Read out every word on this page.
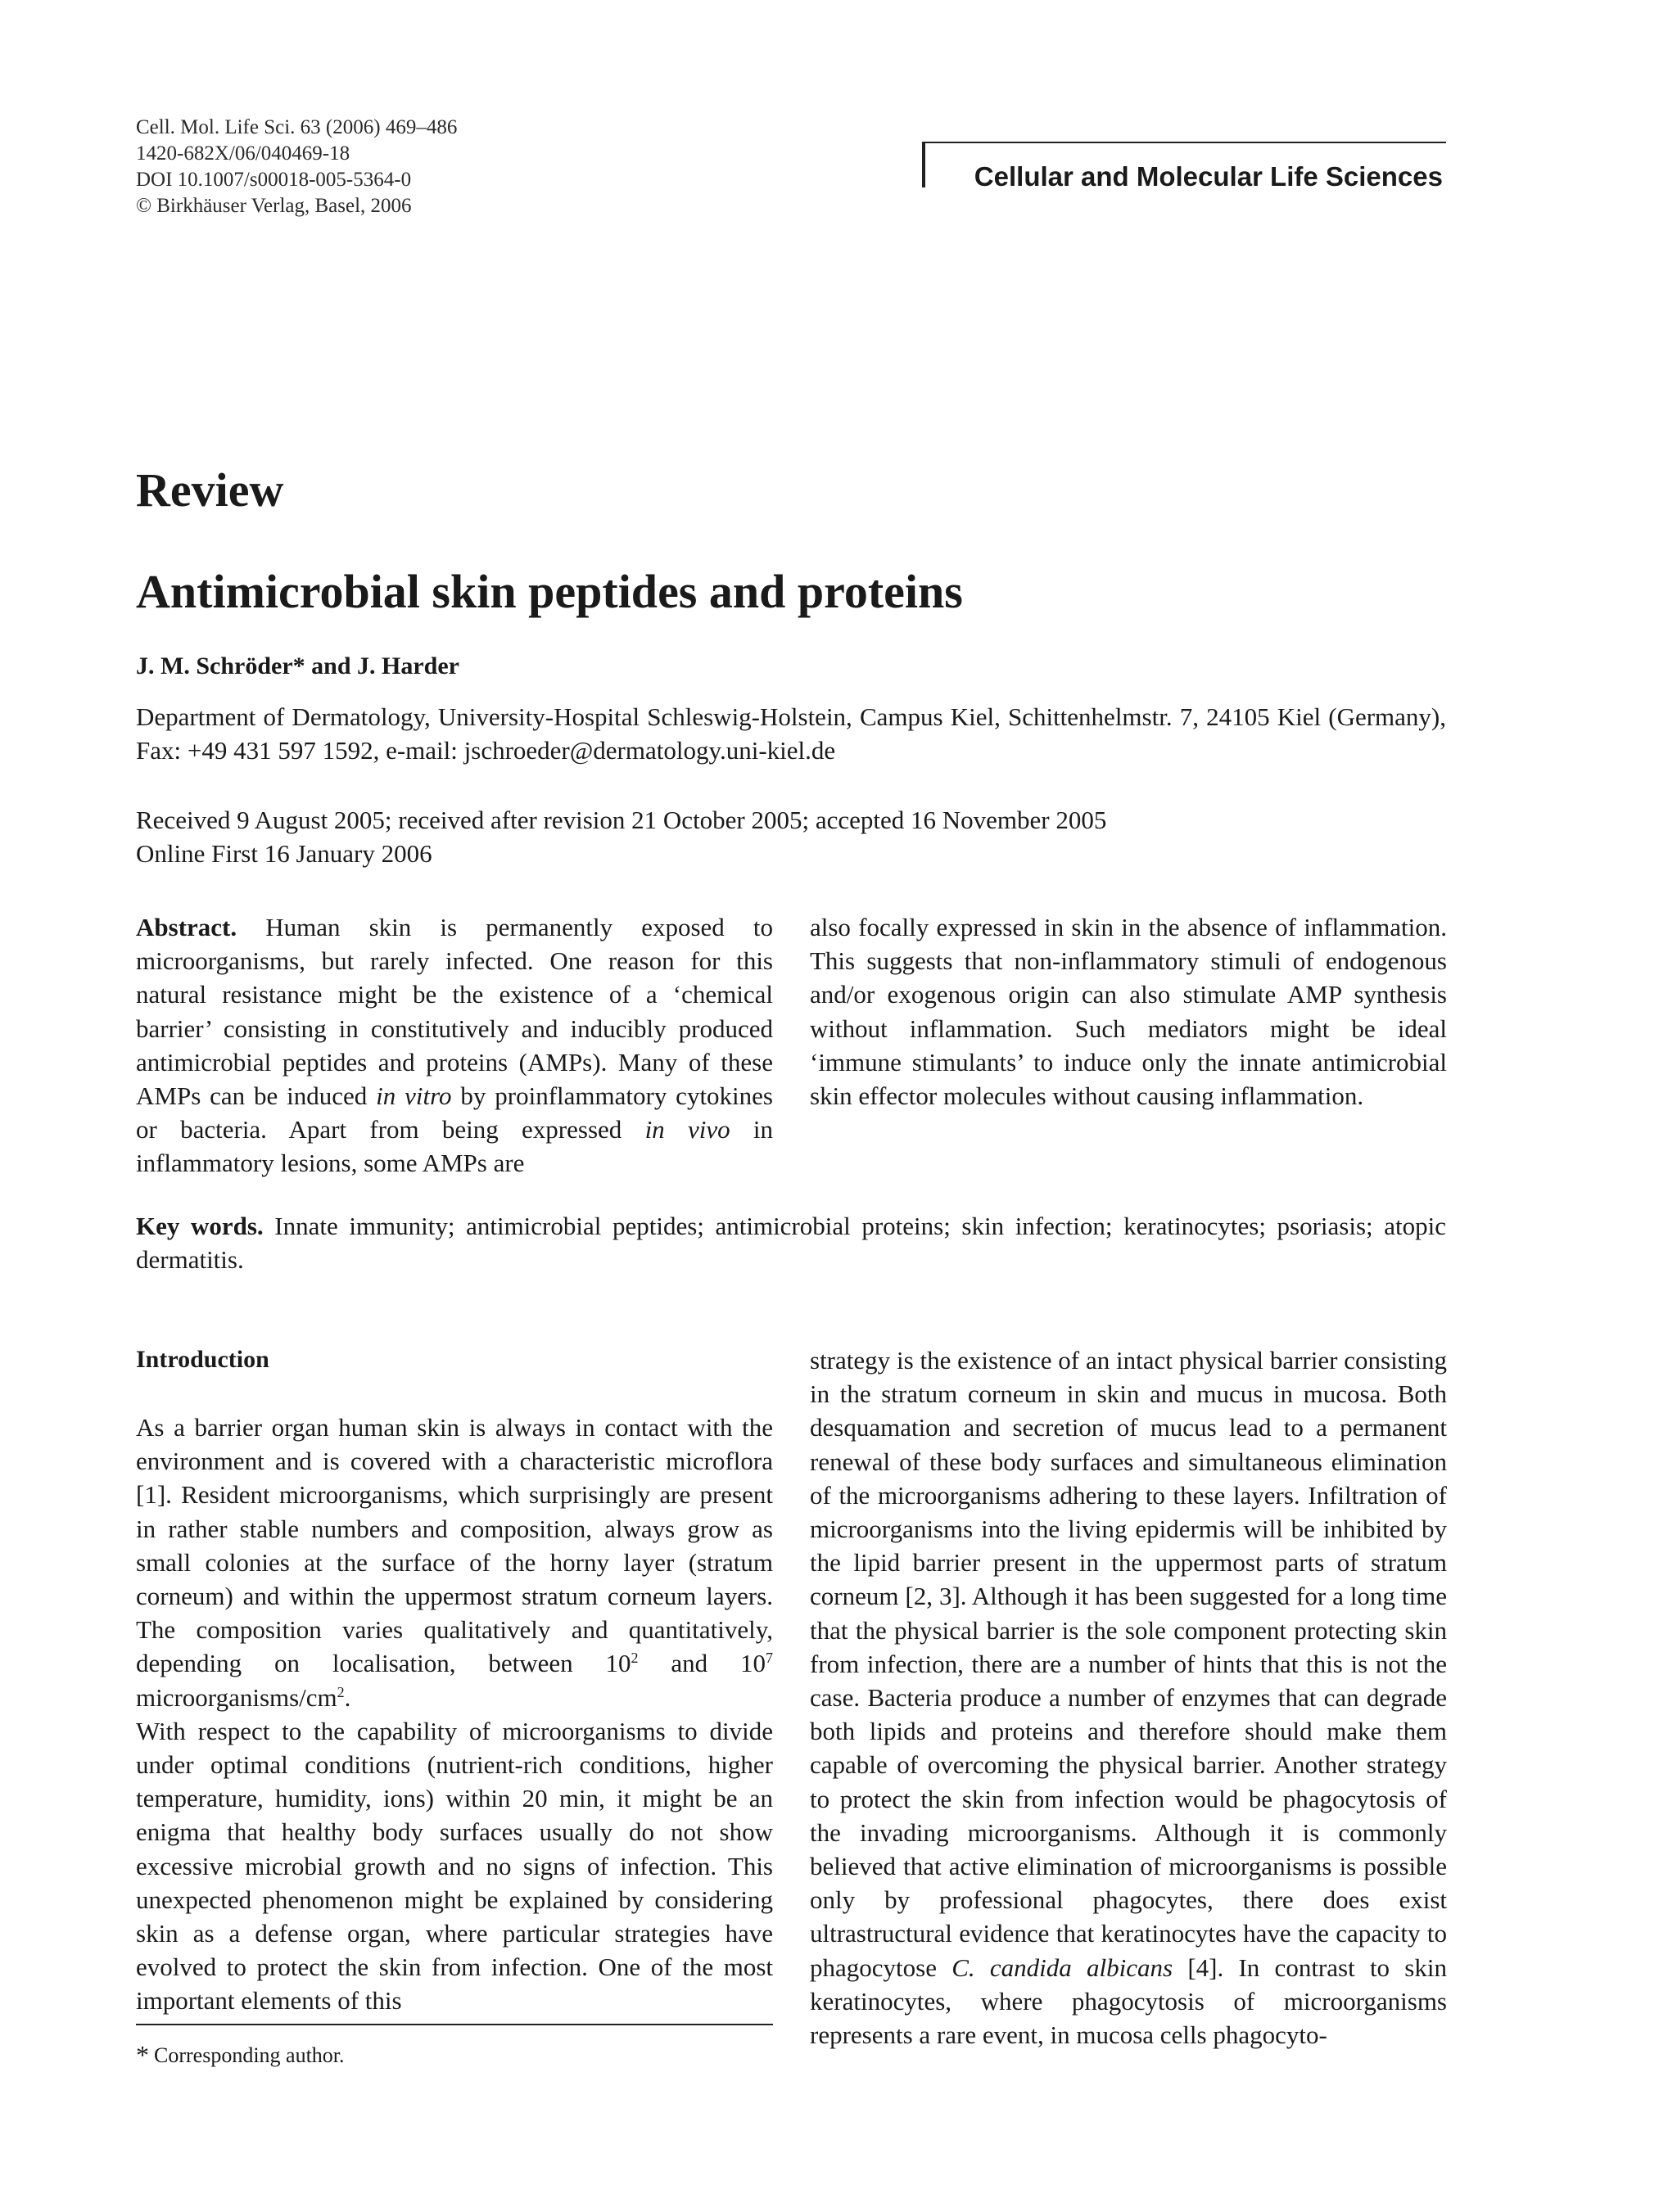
Cell. Mol. Life Sci. 63 (2006) 469–486
1420-682X/06/040469-18
DOI 10.1007/s00018-005-5364-0
© Birkhäuser Verlag, Basel, 2006
Cellular and Molecular Life Sciences
Review
Antimicrobial skin peptides and proteins
J. M. Schröder* and J. Harder
Department of Dermatology, University-Hospital Schleswig-Holstein, Campus Kiel, Schittenhelmstr. 7, 24105 Kiel (Germany), Fax: +49 431 597 1592, e-mail: jschroeder@dermatology.uni-kiel.de
Received 9 August 2005; received after revision 21 October 2005; accepted 16 November 2005
Online First 16 January 2006

Abstract. Human skin is permanently exposed to microorganisms, but rarely infected. One reason for this natural resistance might be the existence of a ‘chemical barrier’ consisting in constitutively and inducibly produced antimicrobial peptides and proteins (AMPs). Many of these AMPs can be induced in vitro by proinflammatory cytokines or bacteria. Apart from being expressed in vivo in inflammatory lesions, some AMPs are

also focally expressed in skin in the absence of inflammation. This suggests that non-inflammatory stimuli of endogenous and/or exogenous origin can also stimulate AMP synthesis without inflammation. Such mediators might be ideal ‘immune stimulants’ to induce only the innate antimicrobial skin effector molecules without causing inflammation.

Key words. Innate immunity; antimicrobial peptides; antimicrobial proteins; skin infection; keratinocytes; psoriasis; atopic dermatitis.
Introduction

As a barrier organ human skin is always in contact with the environment and is covered with a characteristic microflora [1]. Resident microorganisms, which surprisingly are present in rather stable numbers and composition, always grow as small colonies at the surface of the horny layer (stratum corneum) and within the uppermost stratum corneum layers. The composition varies qualitatively and quantitatively, depending on localisation, between $10^2$ and $10^7$ microorganisms/$cm^2$.

With respect to the capability of microorganisms to divide under optimal conditions (nutrient-rich conditions, higher temperature, humidity, ions) within 20 min, it might be an enigma that healthy body surfaces usually do not show excessive microbial growth and no signs of infection. This unexpected phenomenon might be explained by considering skin as a defense organ, where particular strategies have evolved to protect the skin from infection. One of the most important elements of this

strategy is the existence of an intact physical barrier consisting in the stratum corneum in skin and mucus in mucosa. Both desquamation and secretion of mucus lead to a permanent renewal of these body surfaces and simultaneous elimination of the microorganisms adhering to these layers. Infiltration of microorganisms into the living epidermis will be inhibited by the lipid barrier present in the uppermost parts of stratum corneum [2, 3]. Although it has been suggested for a long time that the physical barrier is the sole component protecting skin from infection, there are a number of hints that this is not the case. Bacteria produce a number of enzymes that can degrade both lipids and proteins and therefore should make them capable of overcoming the physical barrier. Another strategy to protect the skin from infection would be phagocytosis of the invading microorganisms. Although it is commonly believed that active elimination of microorganisms is possible only by professional phagocytes, there does exist ultrastructural evidence that keratinocytes have the capacity to phagocytose C. candida albicans [4]. In contrast to skin keratinocytes, where phagocytosis of microorganisms represents a rare event, in mucosa cells phagocyto-

* Corresponding author.
